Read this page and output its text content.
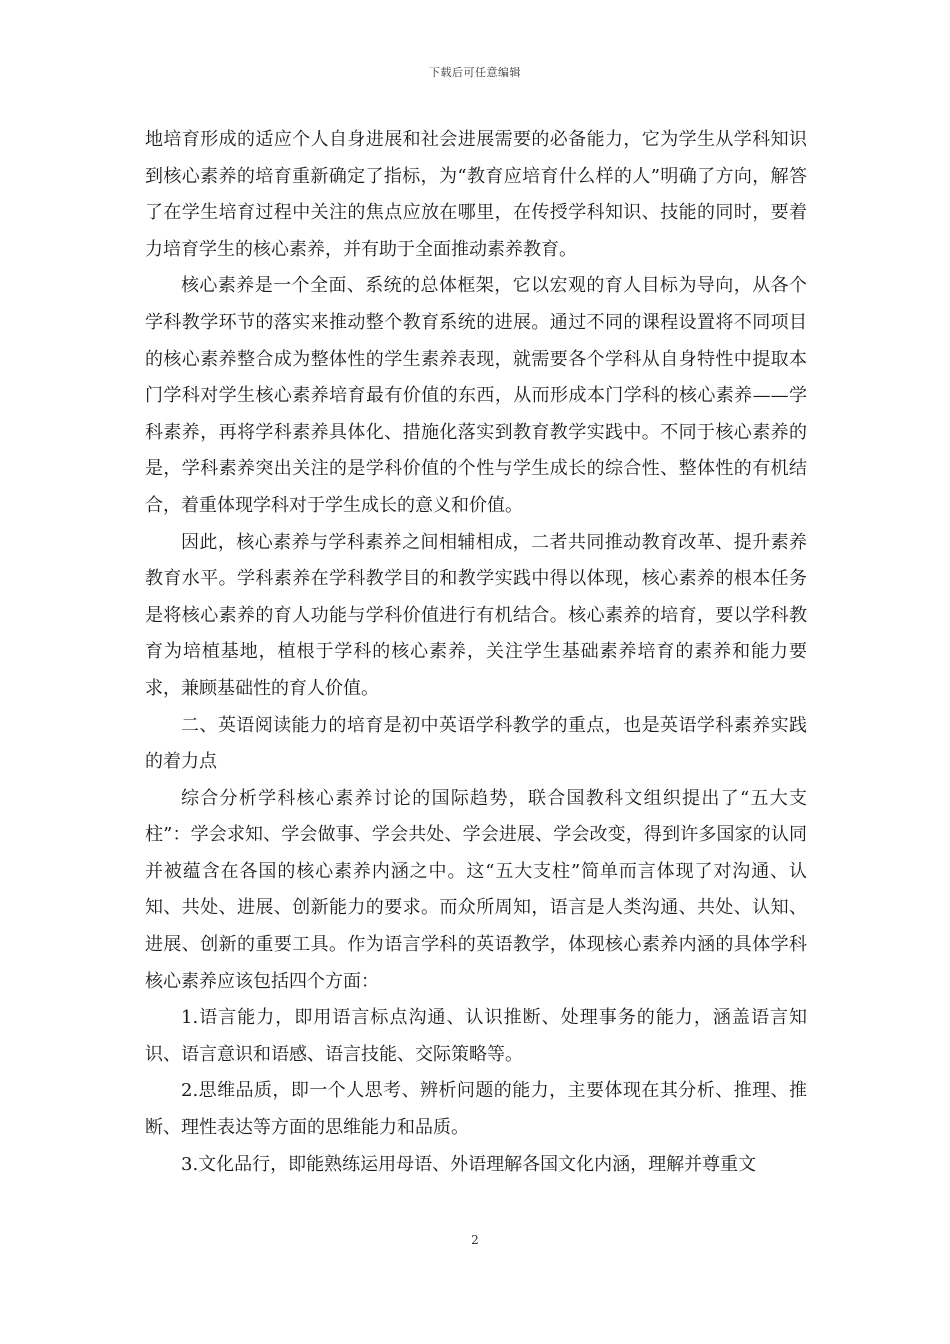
下载后可任意编辑

地培育形成的适应个人自身进展和社会进展需要的必备能力，它为学生从学科知识到核心素养的培育重新确定了指标，为“教育应培育什么样的人”明确了方向，解答了在学生培育过程中关注的焦点应放在哪里，在传授学科知识、技能的同时，要着力培育学生的核心素养，并有助于全面推动素养教育。

核心素养是一个全面、系统的总体框架，它以宏观的育人目标为导向，从各个学科教学环节的落实来推动整个教育系统的进展。通过不同的课程设置将不同项目的核心素养整合成为整体性的学生素养表现，就需要各个学科从自身特性中提取本门学科对学生核心素养培育最有价值的东西，从而形成本门学科的核心素养——学科素养，再将学科素养具体化、措施化落实到教育教学实践中。不同于核心素养的是，学科素养突出关注的是学科价值的个性与学生成长的综合性、整体性的有机结合，着重体现学科对于学生成长的意义和价值。

因此，核心素养与学科素养之间相辅相成，二者共同推动教育改革、提升素养教育水平。学科素养在学科教学目的和教学实践中得以体现，核心素养的根本任务是将核心素养的育人功能与学科价值进行有机结合。核心素养的培育，要以学科教育为培植基地，植根于学科的核心素养，关注学生基础素养培育的素养和能力要求，兼顾基础性的育人价值。

二、英语阅读能力的培育是初中英语学科教学的重点，也是英语学科素养实践的着力点

综合分析学科核心素养讨论的国际趋势，联合国教科文组织提出了“五大支柱”：学会求知、学会做事、学会共处、学会进展、学会改变，得到许多国家的认同并被蕴含在各国的核心素养内涵之中。这“五大支柱”简单而言体现了对沟通、认知、共处、进展、创新能力的要求。而众所周知，语言是人类沟通、共处、认知、进展、创新的重要工具。作为语言学科的英语教学，体现核心素养内涵的具体学科核心素养应该包括四个方面：

1.语言能力，即用语言标点沟通、认识推断、处理事务的能力，涵盖语言知识、语言意识和语感、语言技能、交际策略等。

2.思维品质，即一个人思考、辨析问题的能力，主要体现在其分析、推理、推断、理性表达等方面的思维能力和品质。

3.文化品行，即能熟练运用母语、外语理解各国文化内涵，理解并尊重文

2
